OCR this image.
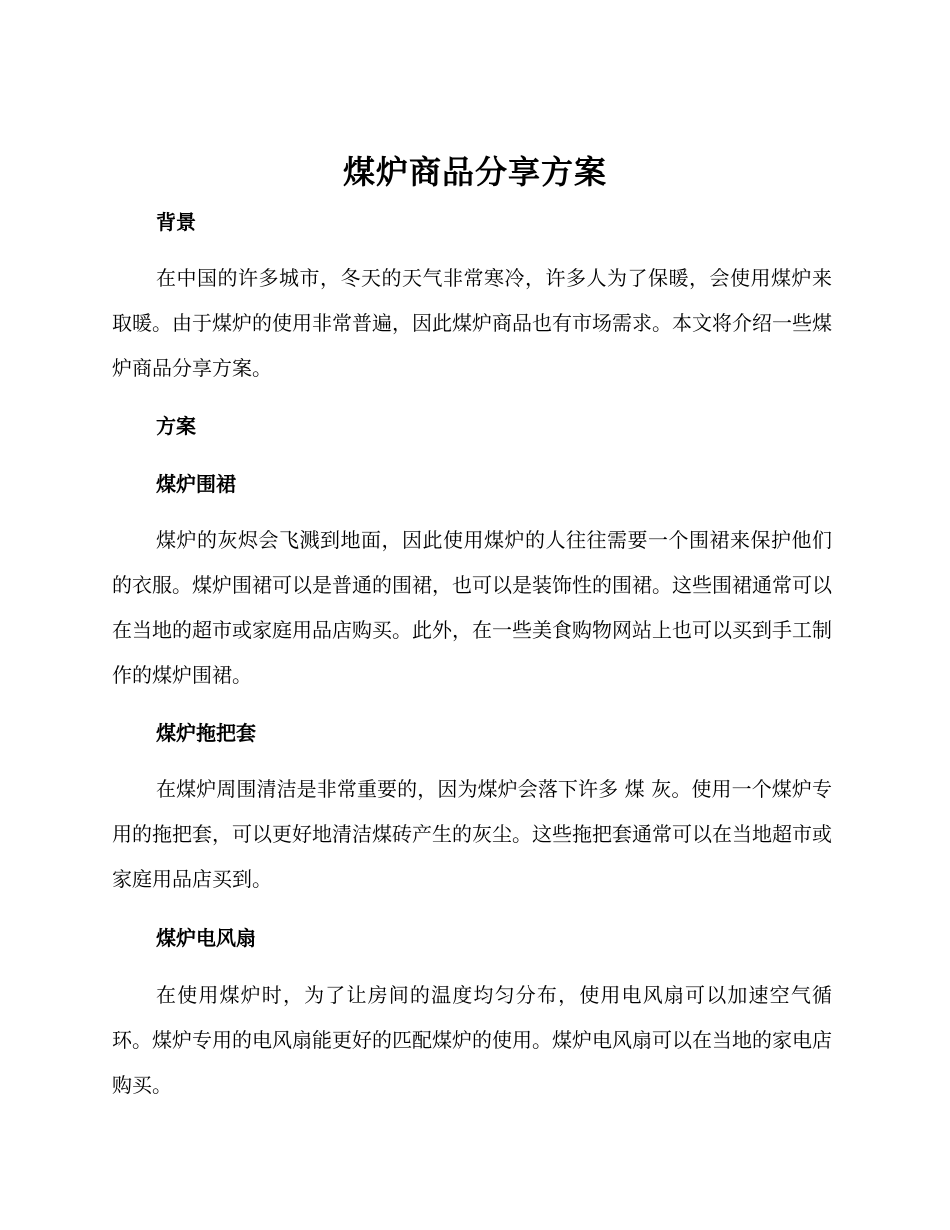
煤炉商品分享方案
背景

在中国的许多城市，冬天的天气非常寒冷，许多人为了保暖，会使用煤炉来取暖。由于煤炉的使用非常普遍，因此煤炉商品也有市场需求。本文将介绍一些煤炉商品分享方案。

方案
煤炉围裙

煤炉的灰烬会飞溅到地面，因此使用煤炉的人往往需要一个围裙来保护他们的衣服。煤炉围裙可以是普通的围裙，也可以是装饰性的围裙。这些围裙通常可以在当地的超市或家庭用品店购买。此外，在一些美食购物网站上也可以买到手工制作的煤炉围裙。

煤炉拖把套

在煤炉周围清洁是非常重要的，因为煤炉会落下许多 煤 灰。使用一个煤炉专用的拖把套，可以更好地清洁煤砖产生的灰尘。这些拖把套通常可以在当地超市或家庭用品店买到。

煤炉电风扇

在使用煤炉时，为了让房间的温度均匀分布，使用电风扇可以加速空气循环。煤炉专用的电风扇能更好的匹配煤炉的使用。煤炉电风扇可以在当地的家电店购买。
